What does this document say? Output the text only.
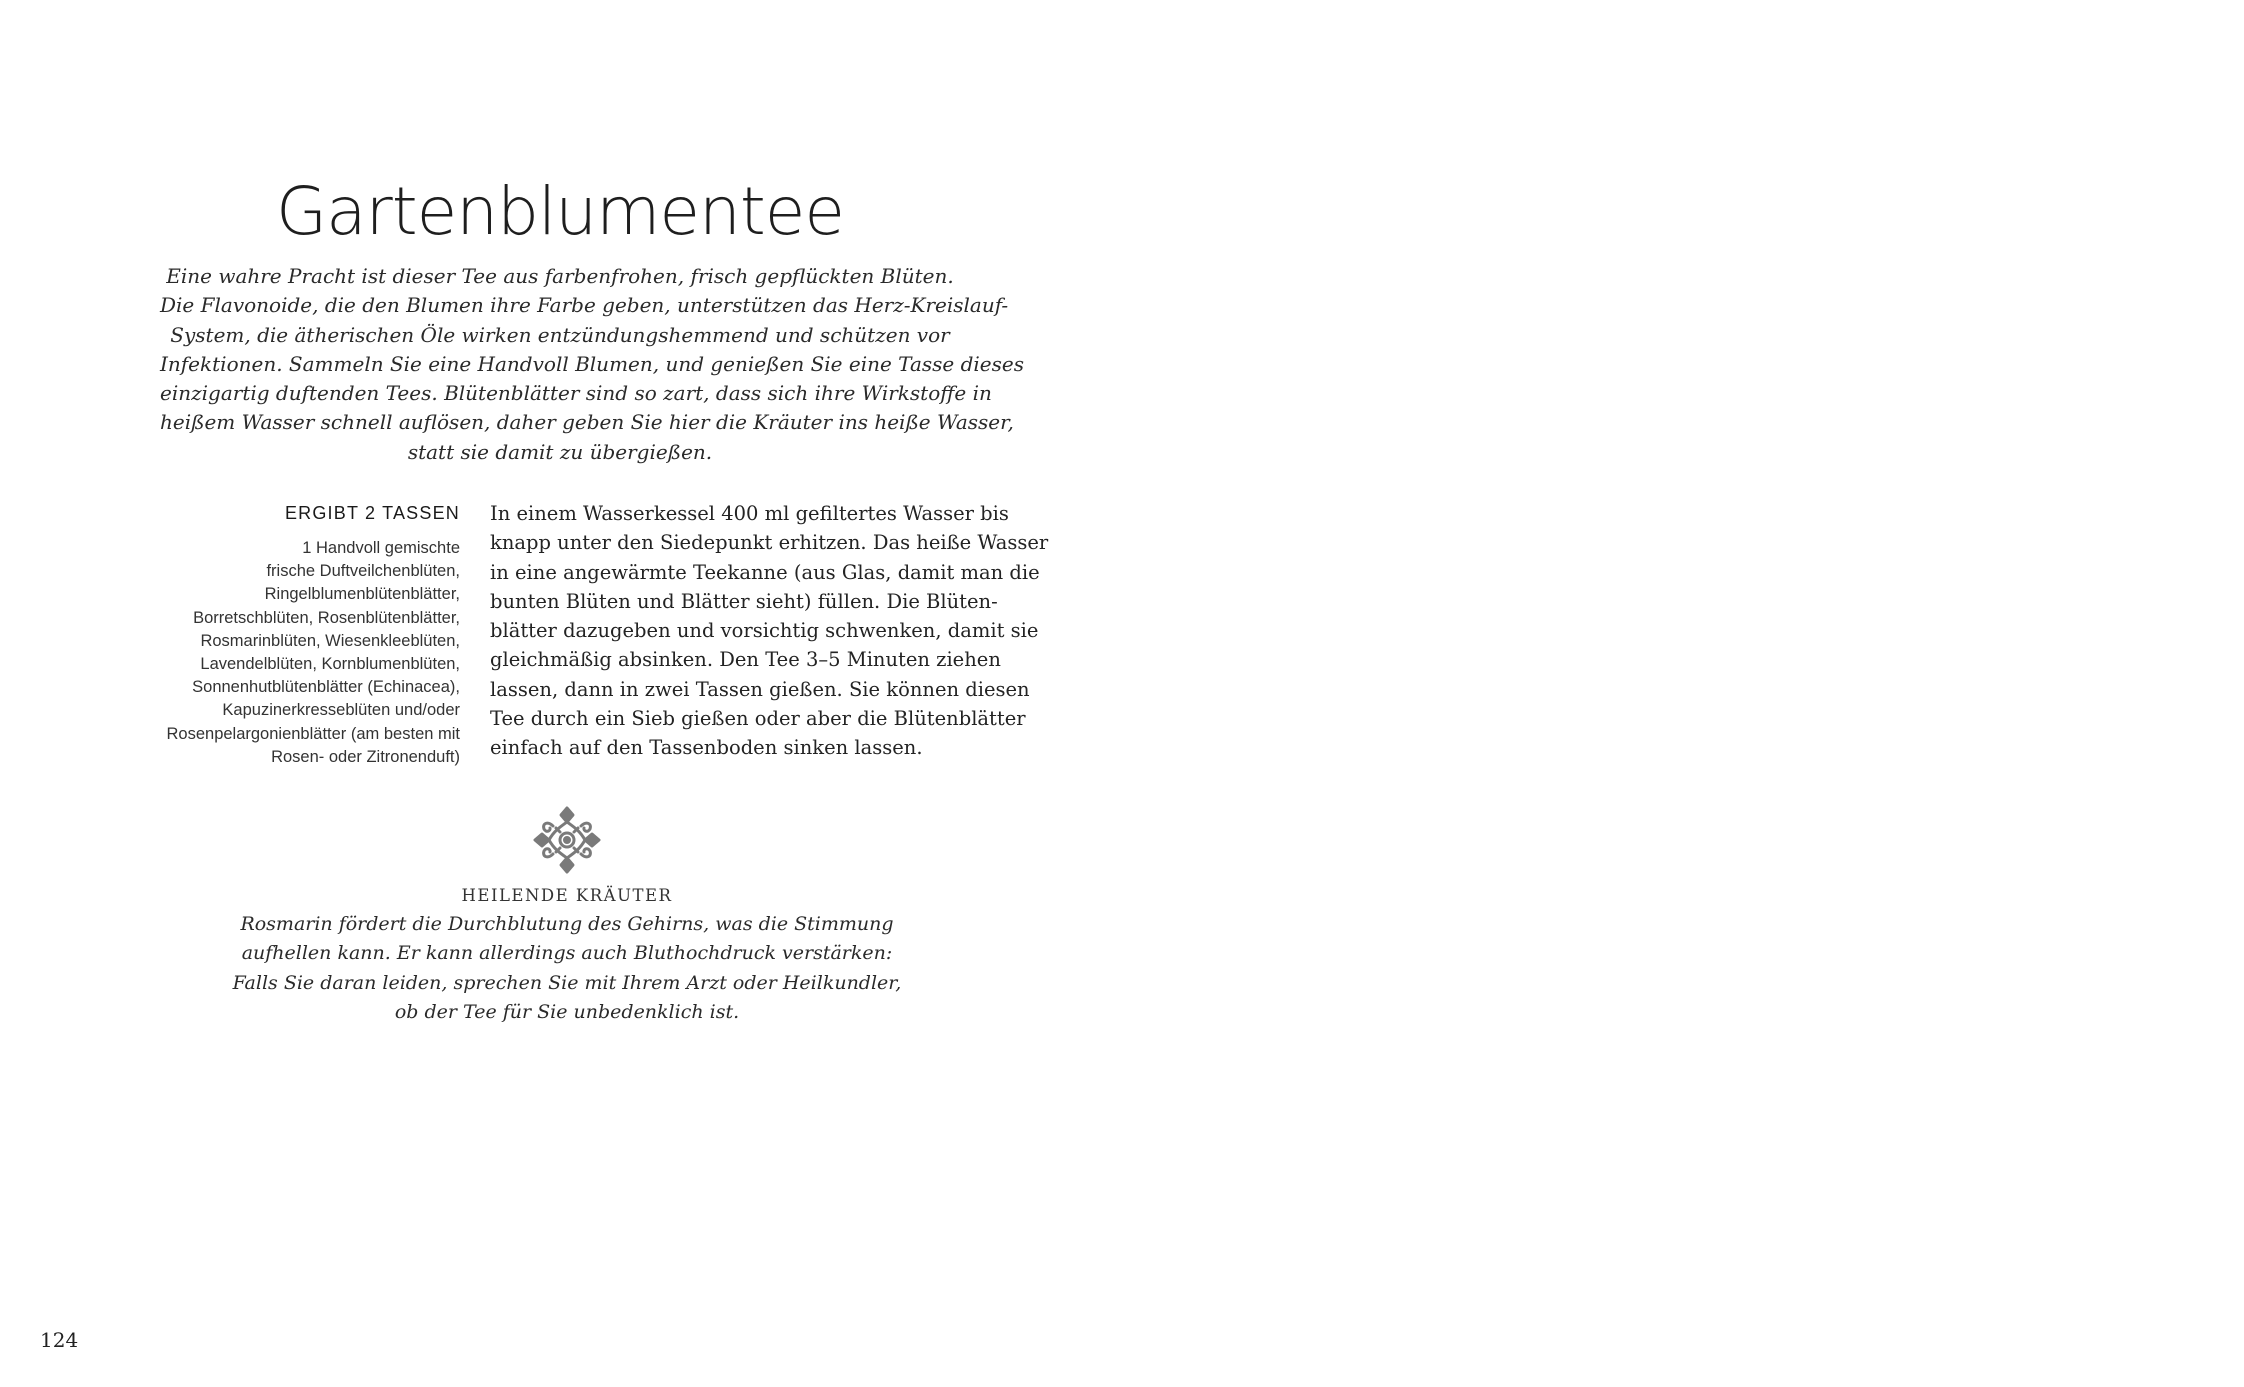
Gartenblumentee
Eine wahre Pracht ist dieser Tee aus farbenfrohen, frisch gepflückten Blüten.
Die Flavonoide, die den Blumen ihre Farbe geben, unterstützen das Herz-Kreislauf-
System, die ätherischen Öle wirken entzündungshemmend und schützen vor
Infektionen. Sammeln Sie eine Handvoll Blumen, und genießen Sie eine Tasse dieses
einzigartig duftenden Tees. Blütenblätter sind so zart, dass sich ihre Wirkstoffe in
heißem Wasser schnell auflösen, daher geben Sie hier die Kräuter ins heiße Wasser,
statt sie damit zu übergießen.
ERGIBT 2 TASSEN
1 Handvoll gemischte
frische Duftveilchenblüten,
Ringelblumenblütenblätter,
Borretschblüten, Rosenblütenblätter,
Rosmarinblüten, Wiesenkleeblüten,
Lavendelblüten, Kornblumenblüten,
Sonnenhutblütenblätter (Echinacea),
Kapuzinerkresseblüten und/oder
Rosenpelargonienblätter (am besten mit
Rosen- oder Zitronenduft)
In einem Wasserkessel 400 ml gefiltertes Wasser bis
knapp unter den Siedepunkt erhitzen. Das heiße Wasser
in eine angewärmte Teekanne (aus Glas, damit man die
bunten Blüten und Blätter sieht) füllen. Die Blüten-
blätter dazugeben und vorsichtig schwenken, damit sie
gleichmäßig absinken. Den Tee 3–5 Minuten ziehen
lassen, dann in zwei Tassen gießen. Sie können diesen
Tee durch ein Sieb gießen oder aber die Blütenblätter
einfach auf den Tassenboden sinken lassen.
HEILENDE KRÄUTER
Rosmarin fördert die Durchblutung des Gehirns, was die Stimmung
aufhellen kann. Er kann allerdings auch Bluthochdruck verstärken:
Falls Sie daran leiden, sprechen Sie mit Ihrem Arzt oder Heilkundler,
ob der Tee für Sie unbedenklich ist.
124
